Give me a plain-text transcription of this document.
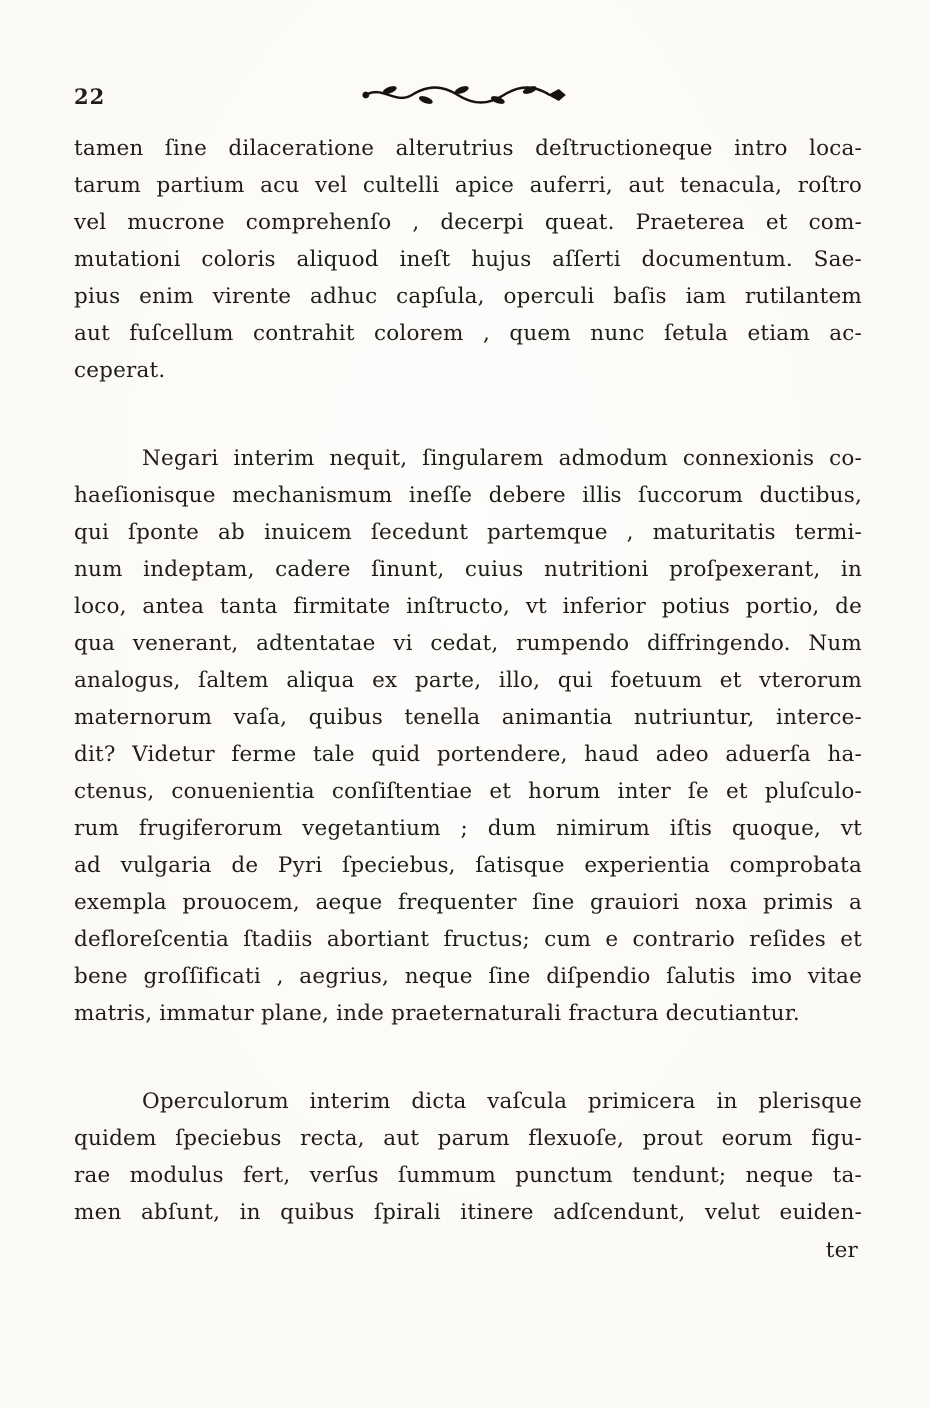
22
tamen ſine dilaceratione alterutrius deſtructioneque intro loca-
tarum partium acu vel cultelli apice auferri, aut tenacula, roſtro
vel mucrone comprehenſo , decerpi queat. Praeterea et com-
mutationi coloris aliquod ineſt hujus aſſerti documentum. Sae-
pius enim virente adhuc capſula, operculi baſis iam rutilantem
aut fuſcellum contrahit colorem , quem nunc ſetula etiam ac-
ceperat.
Negari interim nequit, ſingularem admodum connexionis co-
haeſionisque mechanismum ineſſe debere illis ſuccorum ductibus,
qui ſponte ab inuicem ſecedunt partemque , maturitatis termi-
num indeptam, cadere ſinunt, cuius nutritioni proſpexerant, in
loco, antea tanta firmitate inſtructo, vt inferior potius portio, de
qua venerant, adtentatae vi cedat, rumpendo diffringendo. Num
analogus, ſaltem aliqua ex parte, illo, qui foetuum et vterorum
maternorum vaſa, quibus tenella animantia nutriuntur, interce-
dit? Videtur ferme tale quid portendere, haud adeo aduerſa ha-
ctenus, conuenientia conſiſtentiae et horum inter ſe et pluſculo-
rum frugiferorum vegetantium ; dum nimirum iſtis quoque, vt
ad vulgaria de Pyri ſpeciebus, ſatisque experientia comprobata
exempla prouocem, aeque frequenter ſine grauiori noxa primis a
defloreſcentia ſtadiis abortiant fructus; cum e contrario reſides et
bene groſſificati , aegrius, neque ſine diſpendio ſalutis imo vitae
matris, immatur plane, inde praeternaturali fractura decutiantur.
Operculorum interim dicta vaſcula primicera in plerisque
quidem ſpeciebus recta, aut parum flexuoſe, prout eorum figu-
rae modulus fert, verſus ſummum punctum tendunt; neque ta-
men abſunt, in quibus ſpirali itinere adſcendunt, velut euiden-
ter
